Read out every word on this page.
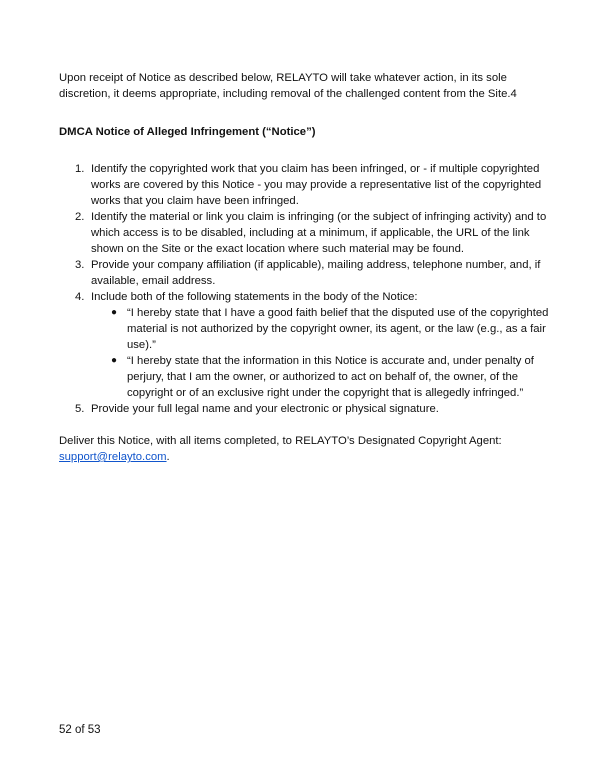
Upon receipt of Notice as described below, RELAYTO will take whatever action, in its sole discretion, it deems appropriate, including removal of the challenged content from the Site.4

DMCA Notice of Alleged Infringement (“Notice”)

1. Identify the copyrighted work that you claim has been infringed, or - if multiple copyrighted works are covered by this Notice - you may provide a representative list of the copyrighted works that you claim have been infringed.
2. Identify the material or link you claim is infringing (or the subject of infringing activity) and to which access is to be disabled, including at a minimum, if applicable, the URL of the link shown on the Site or the exact location where such material may be found.
3. Provide your company affiliation (if applicable), mailing address, telephone number, and, if available, email address.
4. Include both of the following statements in the body of the Notice:
● “I hereby state that I have a good faith belief that the disputed use of the copyrighted material is not authorized by the copyright owner, its agent, or the law (e.g., as a fair use).”
● “I hereby state that the information in this Notice is accurate and, under penalty of perjury, that I am the owner, or authorized to act on behalf of, the owner, of the copyright or of an exclusive right under the copyright that is allegedly infringed.”
5. Provide your full legal name and your electronic or physical signature.

Deliver this Notice, with all items completed, to RELAYTO’s Designated Copyright Agent: support@relayto.com.

52 of 53
